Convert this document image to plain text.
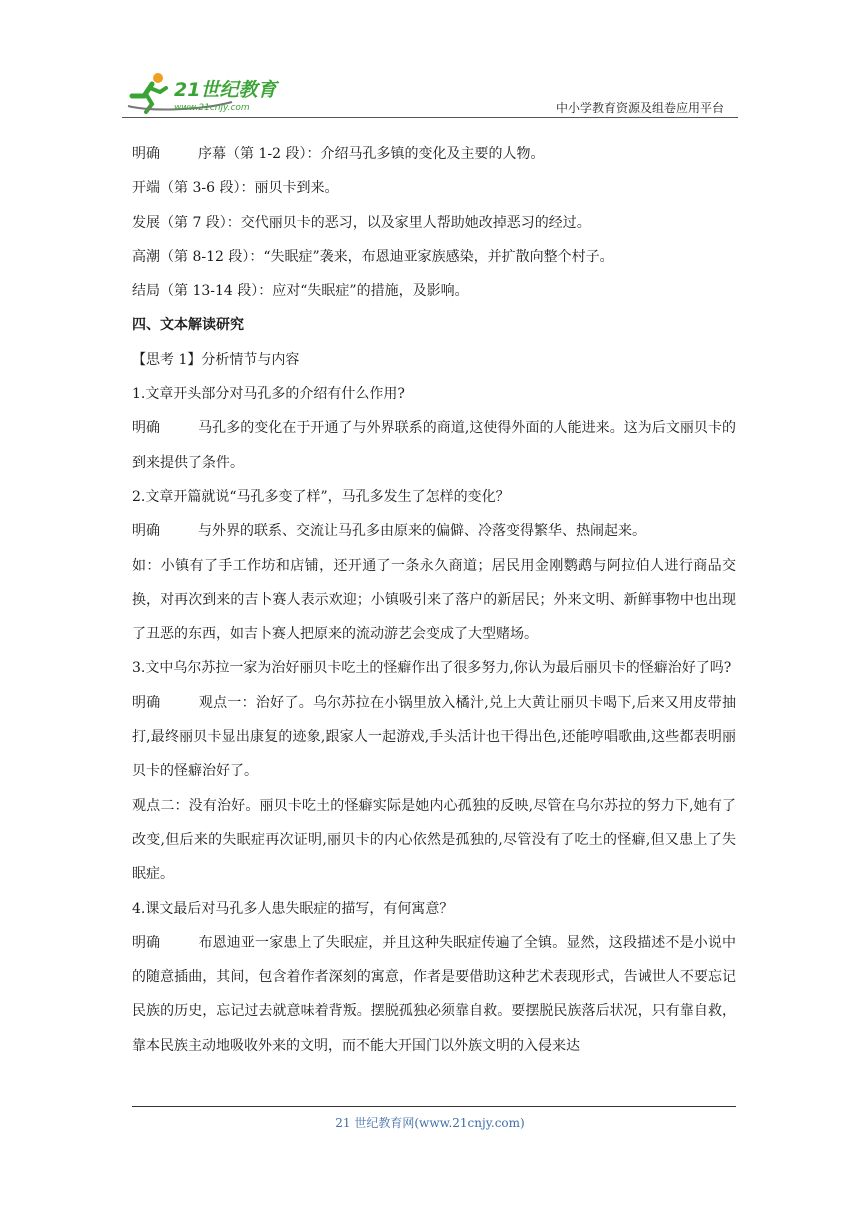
21世纪教育
www.21cnjy.com	中小学教育资源及组卷应用平台

明确	序幕（第 1-2 段）：介绍马孔多镇的变化及主要的人物。

开端（第 3-6 段）：丽贝卡到来。

发展（第 7 段）：交代丽贝卡的恶习，以及家里人帮助她改掉恶习的经过。

高潮（第 8-12 段）：“失眠症”袭来，布恩迪亚家族感染，并扩散向整个村子。

结局（第 13-14 段）：应对“失眠症”的措施，及影响。

四、文本解读研究

【思考 1】分析情节与内容

1.文章开头部分对马孔多的介绍有什么作用?

明确	马孔多的变化在于开通了与外界联系的商道,这使得外面的人能进来。这为后文丽贝卡的到来提供了条件。

2.文章开篇就说“马孔多变了样”，马孔多发生了怎样的变化？

明确	与外界的联系、交流让马孔多由原来的偏僻、冷落变得繁华、热闹起来。

如：小镇有了手工作坊和店铺，还开通了一条永久商道；居民用金刚鹦鹉与阿拉伯人进行商品交换，对再次到来的吉卜赛人表示欢迎；小镇吸引来了落户的新居民；外来文明、新鲜事物中也出现了丑恶的东西，如吉卜赛人把原来的流动游艺会变成了大型赌场。

3.文中乌尔苏拉一家为治好丽贝卡吃土的怪癖作出了很多努力,你认为最后丽贝卡的怪癖治好了吗?

明确	观点一：治好了。乌尔苏拉在小锅里放入橘汁,兑上大黄让丽贝卡喝下,后来又用皮带抽打,最终丽贝卡显出康复的迹象,跟家人一起游戏,手头活计也干得出色,还能哼唱歌曲,这些都表明丽贝卡的怪癖治好了。

观点二：没有治好。丽贝卡吃土的怪癖实际是她内心孤独的反映,尽管在乌尔苏拉的努力下,她有了改变,但后来的失眠症再次证明,丽贝卡的内心依然是孤独的,尽管没有了吃土的怪癖,但又患上了失眠症。

4.课文最后对马孔多人患失眠症的描写，有何寓意？

明确	布恩迪亚一家患上了失眠症，并且这种失眠症传遍了全镇。显然，这段描述不是小说中的随意插曲，其间，包含着作者深刻的寓意，作者是要借助这种艺术表现形式，告诫世人不要忘记民族的历史，忘记过去就意味着背叛。摆脱孤独必须靠自救。要摆脱民族落后状况，只有靠自救，靠本民族主动地吸收外来的文明，而不能大开国门以外族文明的入侵来达

21 世纪教育网(www.21cnjy.com)
